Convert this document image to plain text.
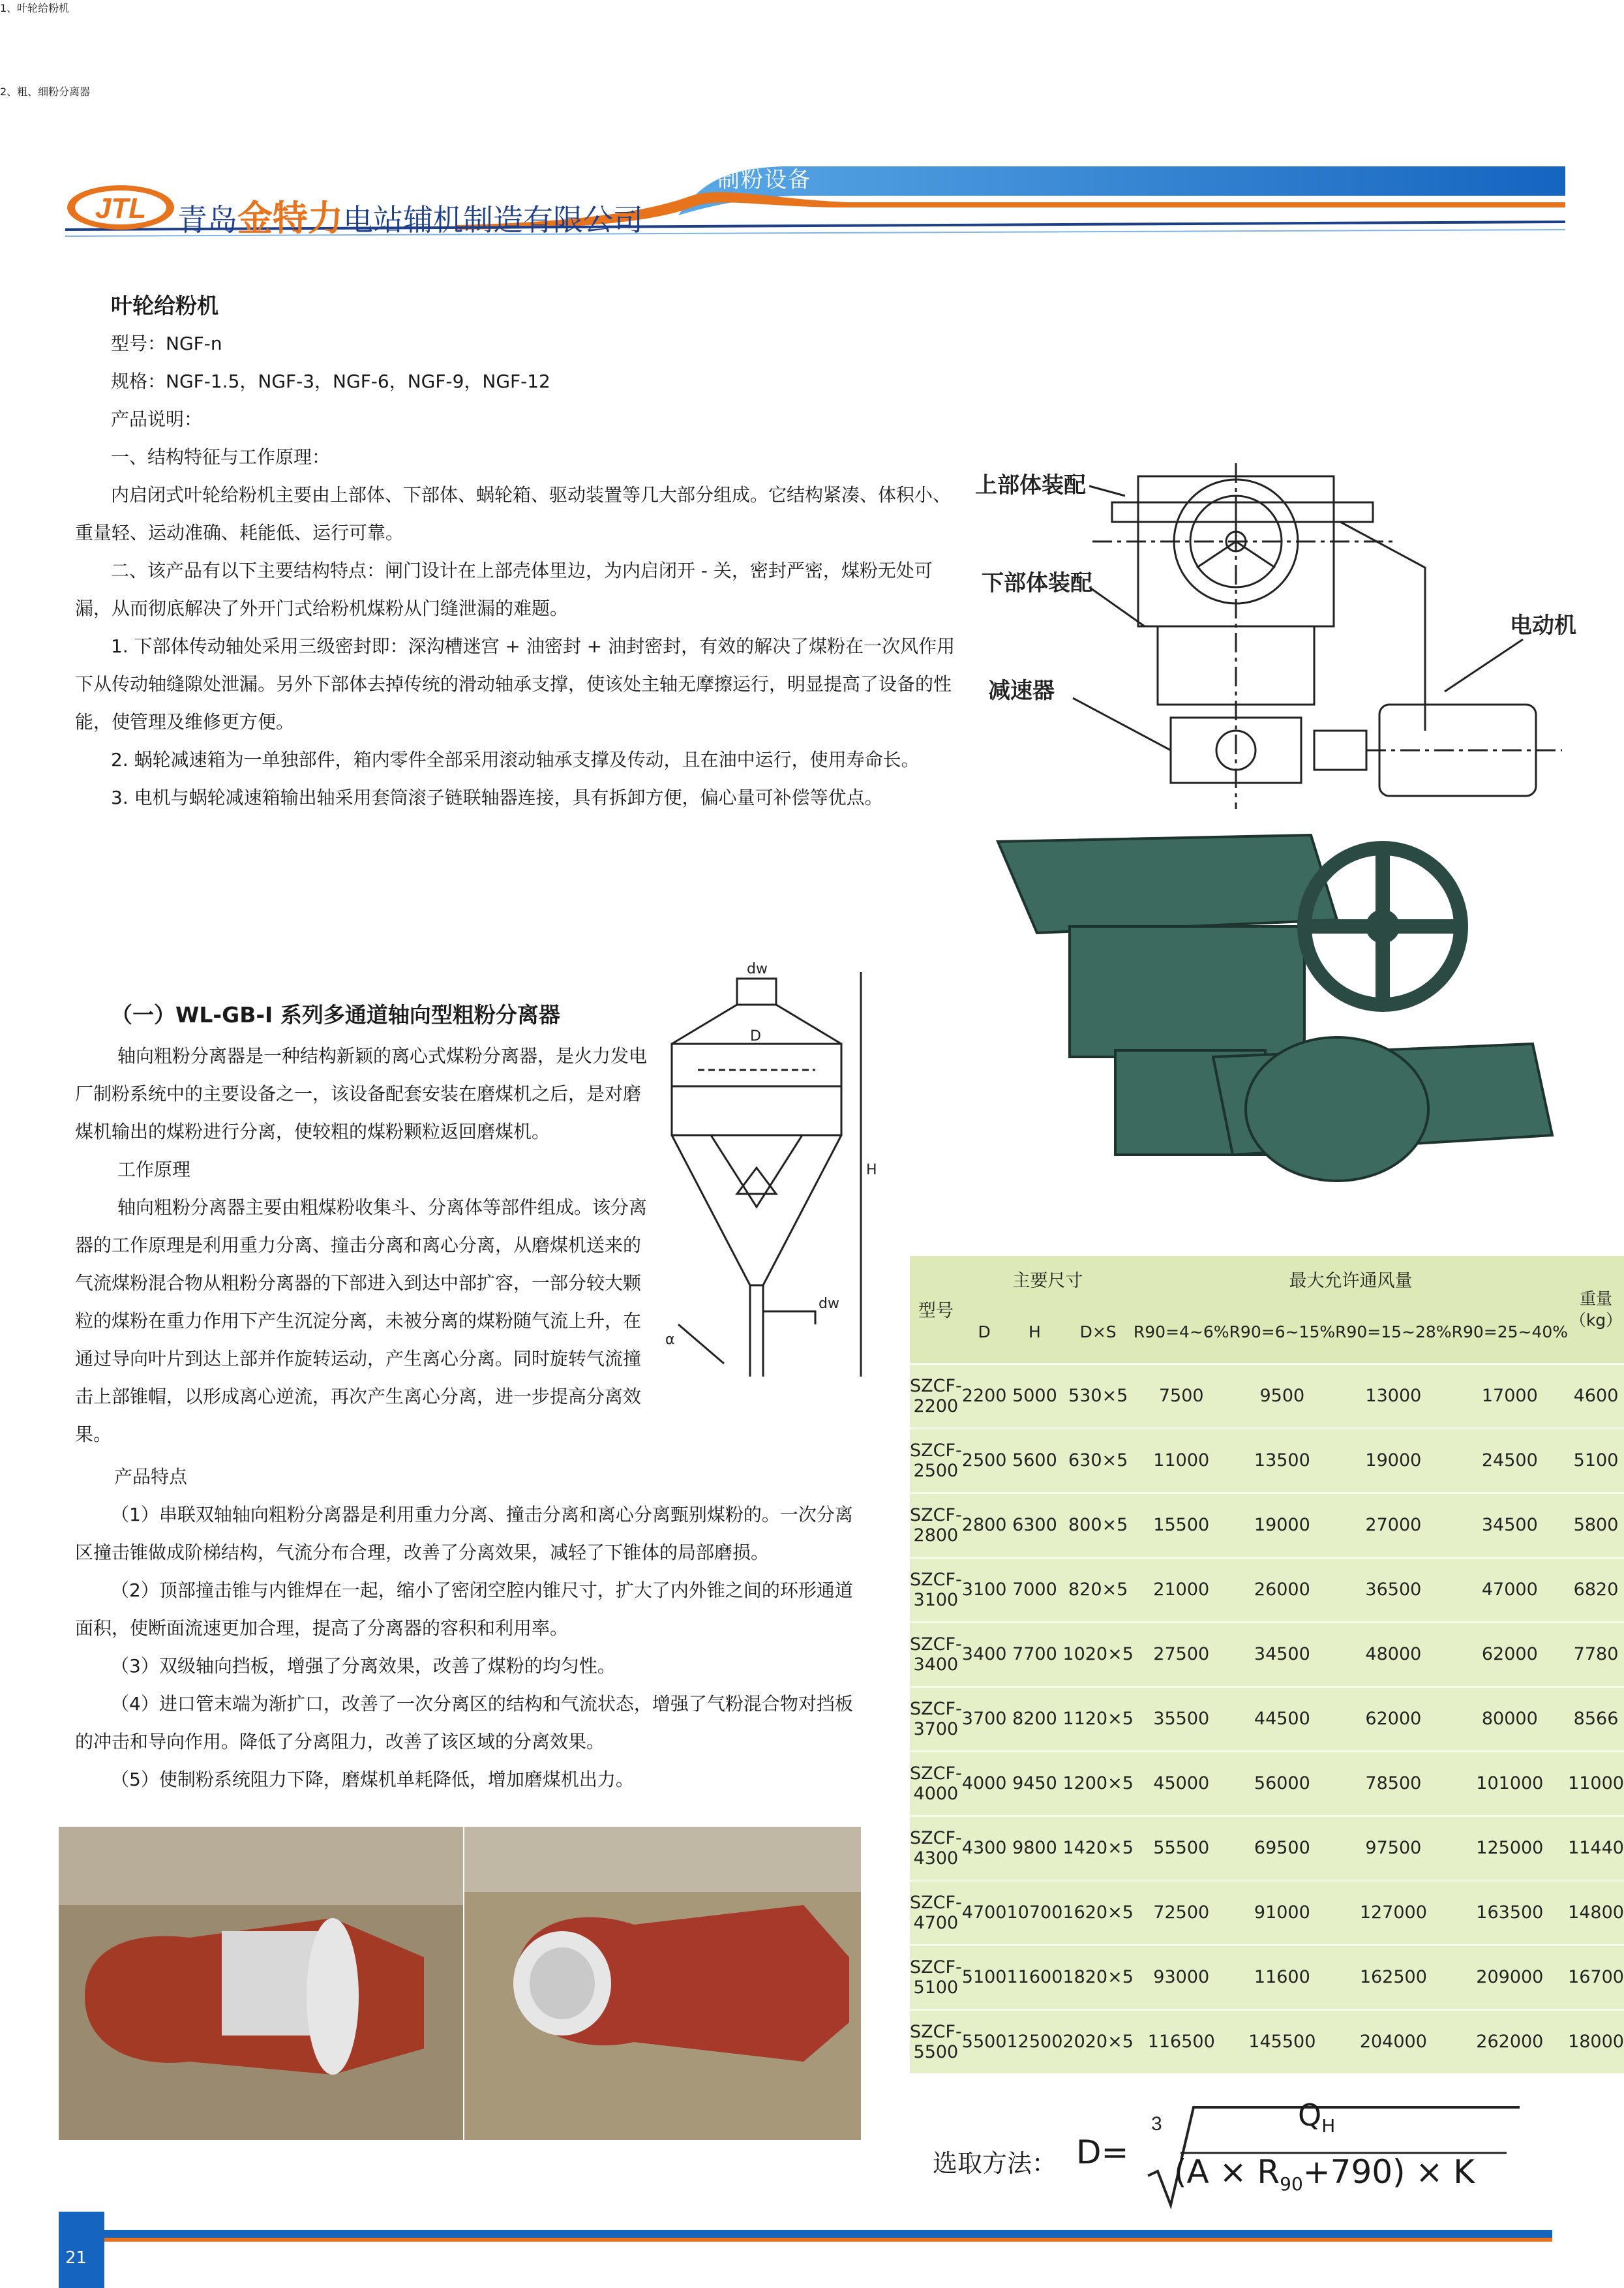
JTL 青岛金特力电站辅机制造有限公司
制粉设备

叶轮给粉机

型号：NGF-n

规格：NGF-1.5，NGF-3，NGF-6，NGF-9，NGF-12

产品说明：

一、结构特征与工作原理：

内启闭式叶轮给粉机主要由上部体、下部体、蜗轮箱、驱动装置等几大部分组成。它结构紧凑、体积小、重量轻、运动准确、耗能低、运行可靠。

二、该产品有以下主要结构特点：闸门设计在上部壳体里边，为内启闭开 - 关，密封严密，煤粉无处可漏，从而彻底解决了外开门式给粉机煤粉从门缝泄漏的难题。

1. 下部体传动轴处采用三级密封即：深沟槽迷宫 + 油密封 + 油封密封，有效的解决了煤粉在一次风作用下从传动轴缝隙处泄漏。另外下部体去掉传统的滑动轴承支撑，使该处主轴无摩擦运行，明显提高了设备的性能，使管理及维修更方便。

2. 蜗轮减速箱为一单独部件，箱内零件全部采用滚动轴承支撑及传动，且在油中运行，使用寿命长。

3. 电机与蜗轮减速箱输出轴采用套筒滚子链联轴器连接，具有拆卸方便，偏心量可补偿等优点。

1、叶轮给粉机
2、粗、细粉分离器
上部体装配
下部体装配
减速器
电动机
（一）WL-GB-I 系列多通道轴向型粗粉分离器

轴向粗粉分离器是一种结构新颖的离心式煤粉分离器，是火力发电厂制粉系统中的主要设备之一，该设备配套安装在磨煤机之后，是对磨煤机输出的煤粉进行分离，使较粗的煤粉颗粒返回磨煤机。

工作原理

轴向粗粉分离器主要由粗煤粉收集斗、分离体等部件组成。该分离器的工作原理是利用重力分离、撞击分离和离心分离，从磨煤机送来的气流煤粉混合物从粗粉分离器的下部进入到达中部扩容，一部分较大颗粒的煤粉在重力作用下产生沉淀分离，未被分离的煤粉随气流上升，在通过导向叶片到达上部并作旋转运动，产生离心分离。同时旋转气流撞击上部锥帽，以形成离心逆流，再次产生离心分离，进一步提高分离效果。

产品特点

（1）串联双轴轴向粗粉分离器是利用重力分离、撞击分离和离心分离甄别煤粉的。一次分离区撞击锥做成阶梯结构，气流分布合理，改善了分离效果，减轻了下锥体的局部磨损。

（2）顶部撞击锥与内锥焊在一起，缩小了密闭空腔内锥尺寸，扩大了内外锥之间的环形通道面积，使断面流速更加合理，提高了分离器的容积和利用率。

（3）双级轴向挡板，增强了分离效果，改善了煤粉的均匀性。

（4）进口管末端为渐扩口，改善了一次分离区的结构和气流状态，增强了气粉混合物对挡板的冲击和导向作用。降低了分离阻力，改善了该区域的分离效果。

（5）使制粉系统阻力下降，磨煤机单耗降低，增加磨煤机出力。

dw
D
H
dw
α
型号	主要尺寸			最大允许通风量				重量（kg）
	D	H	D×S	R90=4~6%	R90=6~15%	R90=15~28%	R90=25~40%	
SZCF-2200	2200	5000	530×5	7500	9500	13000	17000	4600
SZCF-2500	2500	5600	630×5	11000	13500	19000	24500	5100
SZCF-2800	2800	6300	800×5	15500	19000	27000	34500	5800
SZCF-3100	3100	7000	820×5	21000	26000	36500	47000	6820
SZCF-3400	3400	7700	1020×5	27500	34500	48000	62000	7780
SZCF-3700	3700	8200	1120×5	35500	44500	62000	80000	8566
SZCF-4000	4000	9450	1200×5	45000	56000	78500	101000	11000
SZCF-4300	4300	9800	1420×5	55500	69500	97500	125000	11440
SZCF-4700	4700	10700	1620×5	72500	91000	127000	163500	14800
SZCF-5100	5100	11600	1820×5	93000	11600	162500	209000	16700
SZCF-5500	5500	12500	2020×5	116500	145500	204000	262000	18000
选取方法： D=
3	$Q_H$
$(A \times R_{90}+790) \times K$
21
